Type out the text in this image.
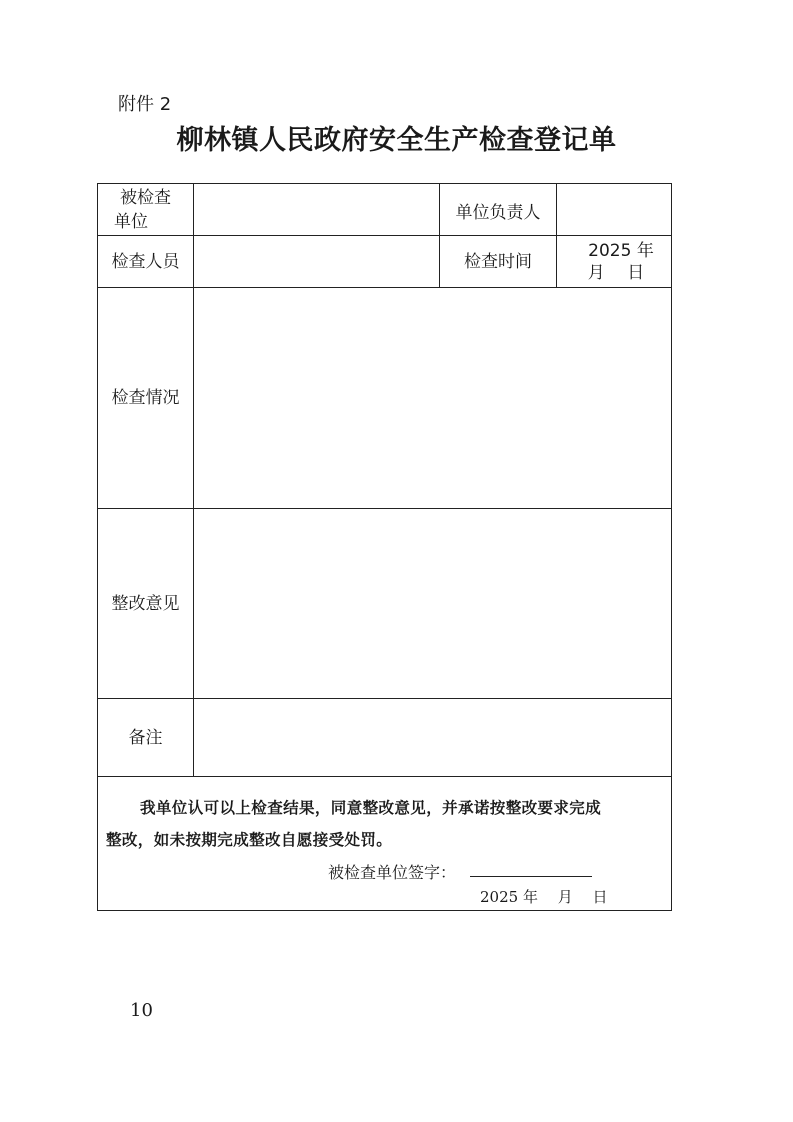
附件 2
柳林镇人民政府安全生产检查登记单
被检查
单位	单位负责人
检查人员	检查时间
2025 年
月　 日
检查情况
整改意见
备注
我单位认可以上检查结果，同意整改意见，并承诺按整改要求完成
整改，如未按期完成整改自愿接受处罚。
被检查单位签字：
2025 年　 月　 日
10
